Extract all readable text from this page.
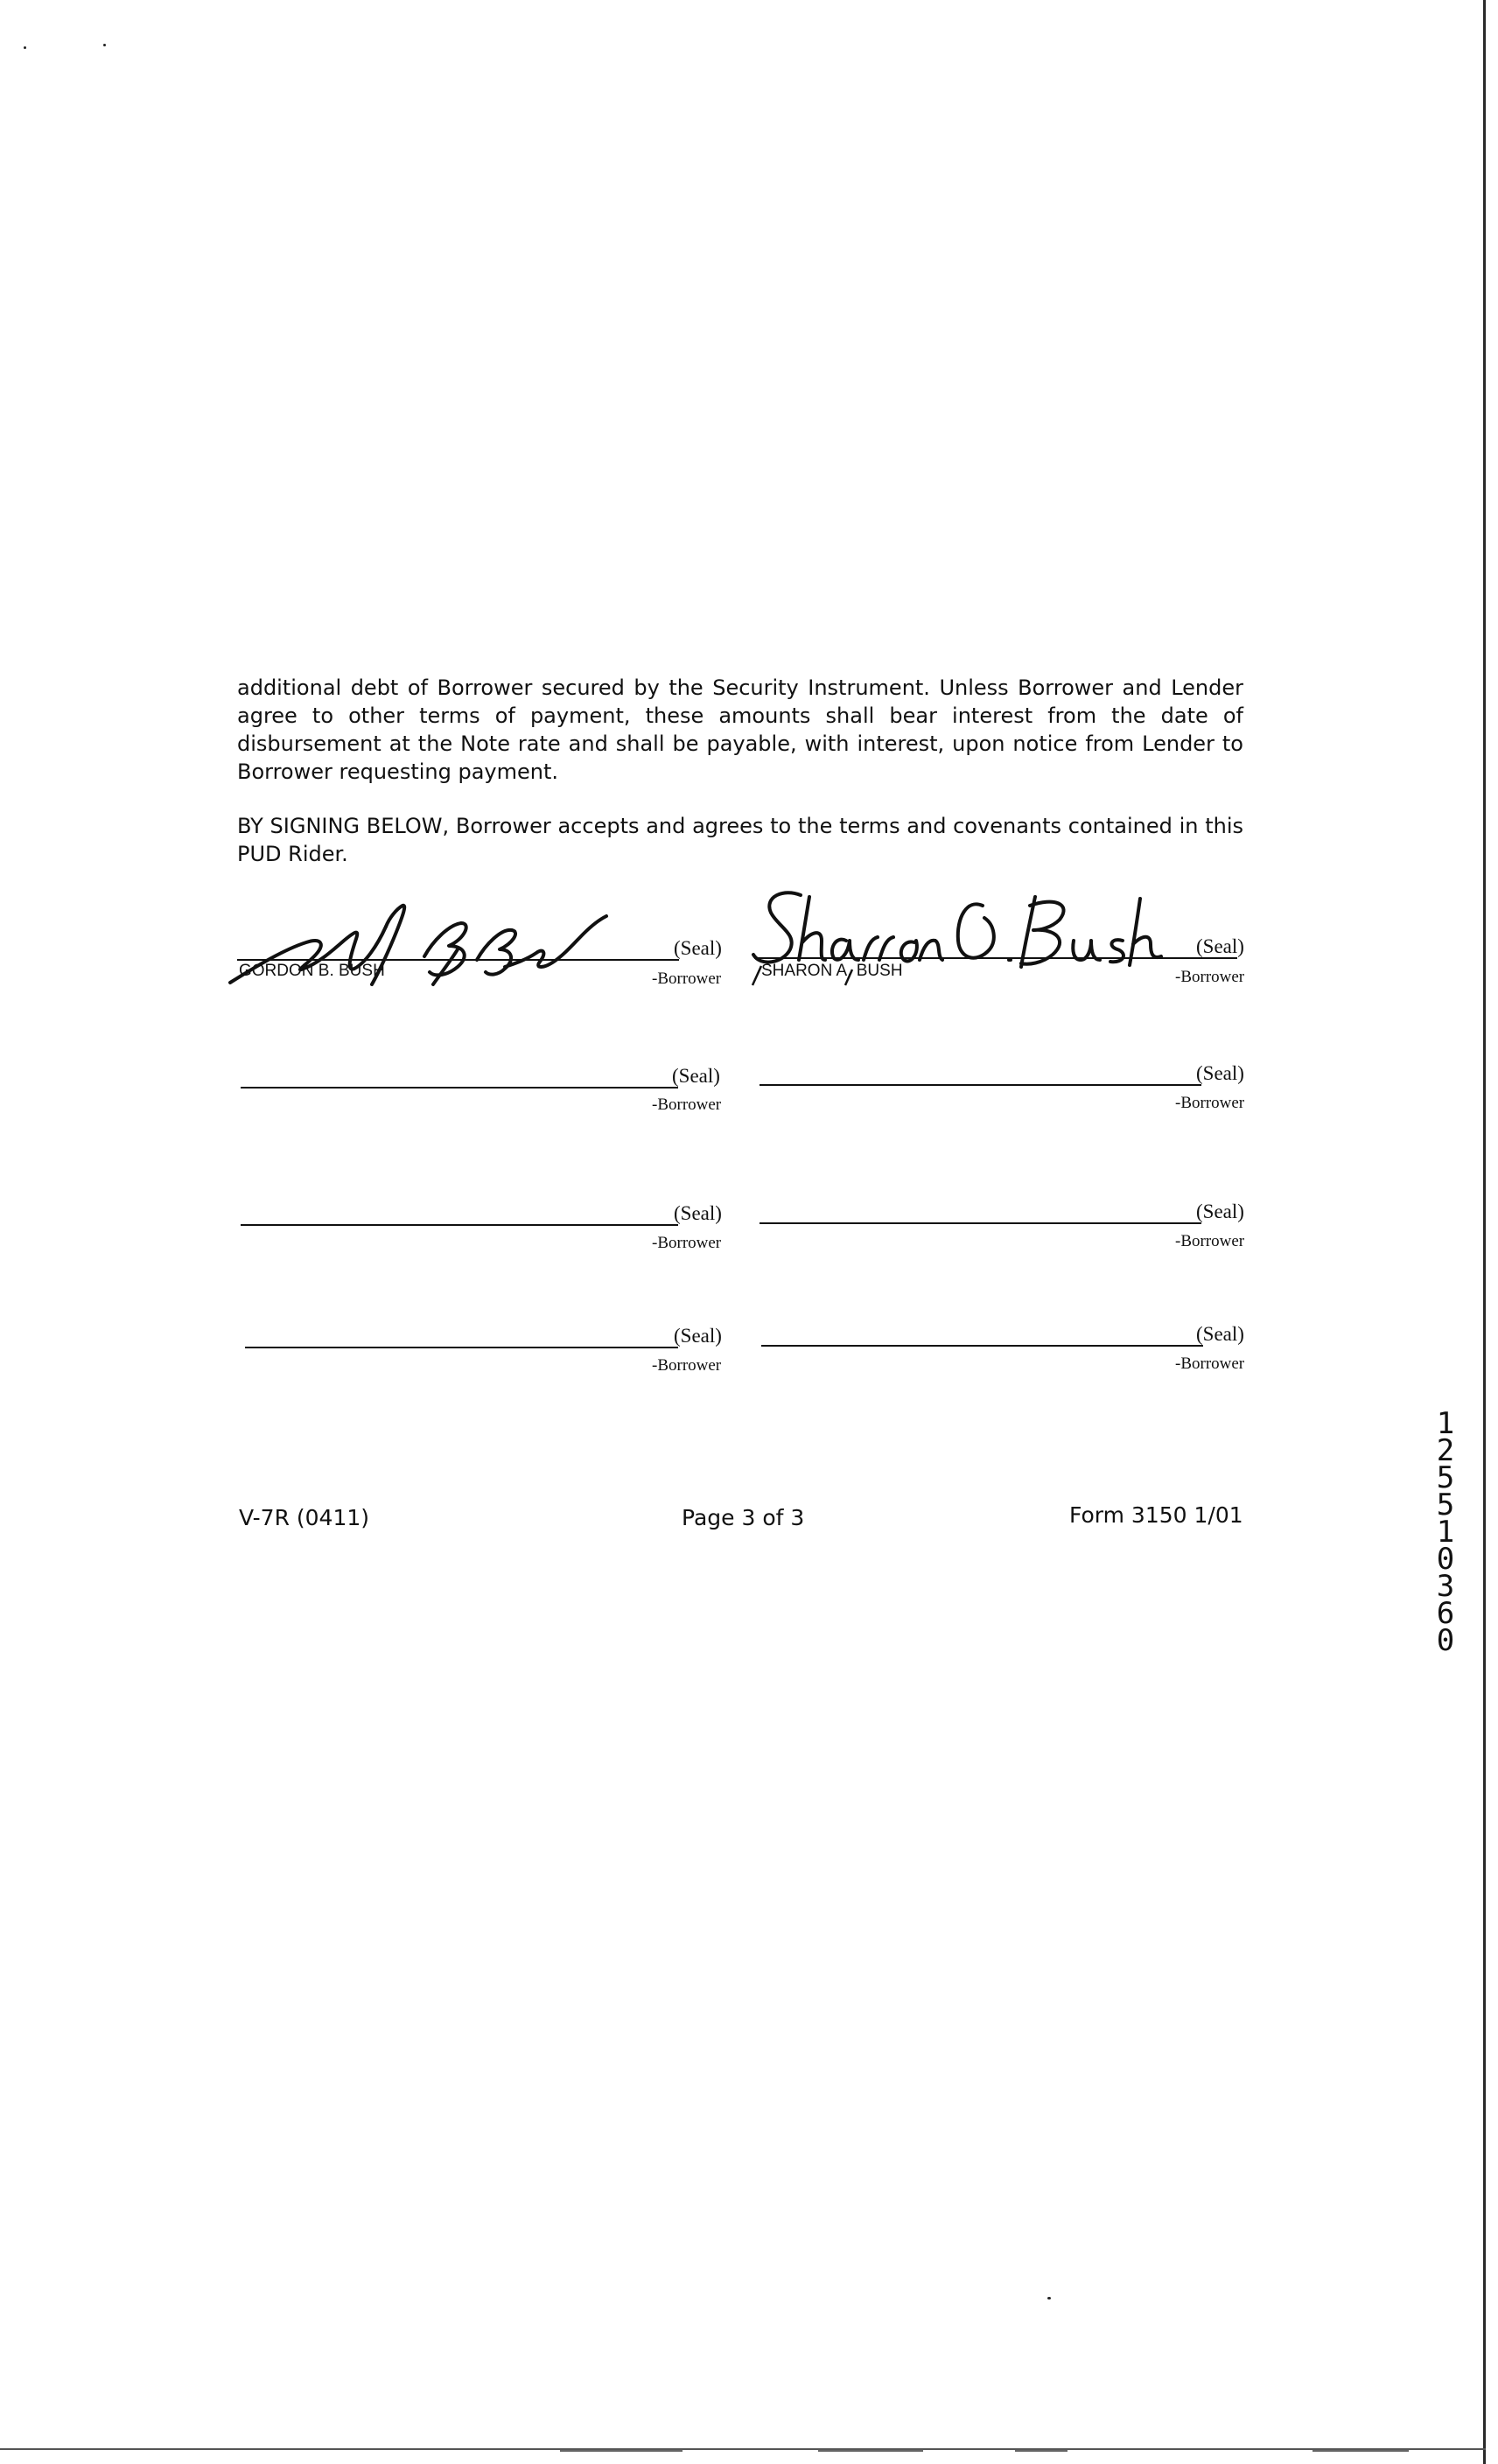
additional debt of Borrower secured by the Security Instrument. Unless Borrower and Lender agree to other terms of payment, these amounts shall bear interest from the date of disbursement at the Note rate and shall be payable, with interest, upon notice from Lender to Borrower requesting payment.

BY SIGNING BELOW, Borrower accepts and agrees to the terms and covenants contained in this PUD Rider.

GORDON B. BUSH
(Seal)
-Borrower SHARON A. BUSH
(Seal)
-Borrower
(Seal)
-Borrower
(Seal)
-Borrower
(Seal)
-Borrower
(Seal)
-Borrower
(Seal)
-Borrower
(Seal)
-Borrower
V-7R (0411)	Page 3 of 3	Form 3150 1/01
12551 0360
